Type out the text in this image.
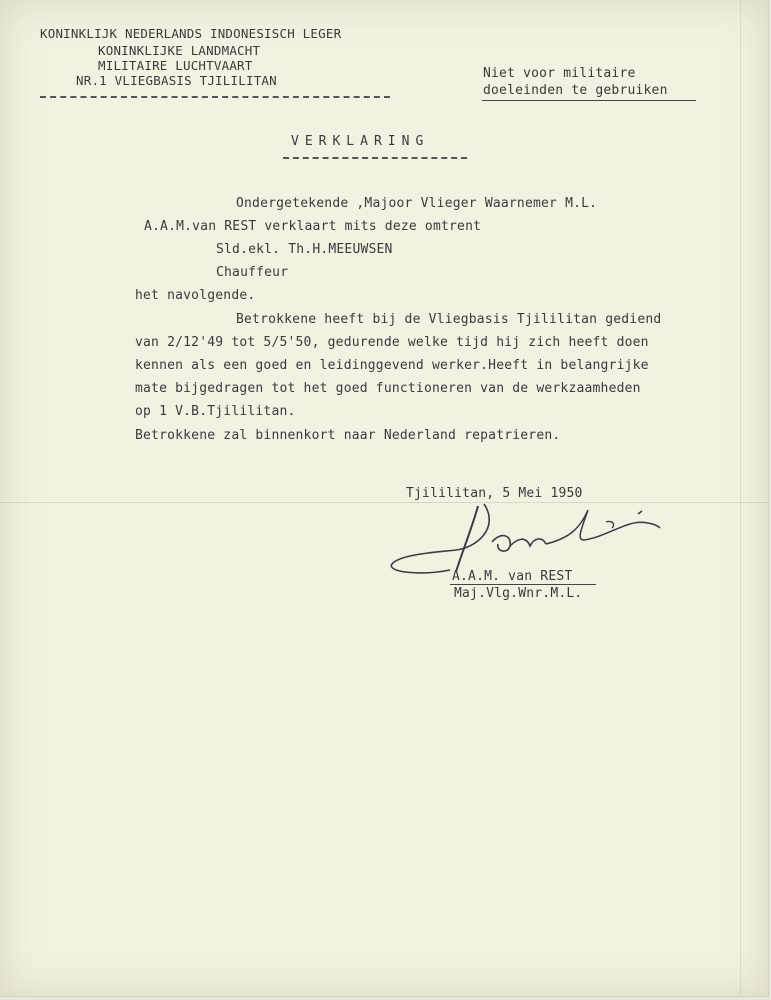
KONINKLIJK NEDERLANDS INDONESISCH LEGER
KONINKLIJKE LANDMACHT
MILITAIRE LUCHTVAART
NR.1 VLIEGBASIS TJILILITAN	Niet voor militaire
doeleinden te gebruiken
VERKLARING
Ondergetekende ,Majoor Vlieger Waarnemer M.L.
A.A.M.van REST verklaart mits deze omtrent
Sld.ekl. Th.H.MEEUWSEN
Chauffeur
het navolgende.
Betrokkene heeft bij de Vliegbasis Tjililitan gediend
van 2/12'49 tot 5/5'50, gedurende welke tijd hij zich heeft doen
kennen als een goed en leidinggevend werker.Heeft in belangrijke
mate bijgedragen tot het goed functioneren van de werkzaamheden
op 1 V.B.Tjililitan.
Betrokkene zal binnenkort naar Nederland repatrieren.
Tjililitan, 5 Mei 1950
A.A.M. van REST
Maj.Vlg.Wnr.M.L.
